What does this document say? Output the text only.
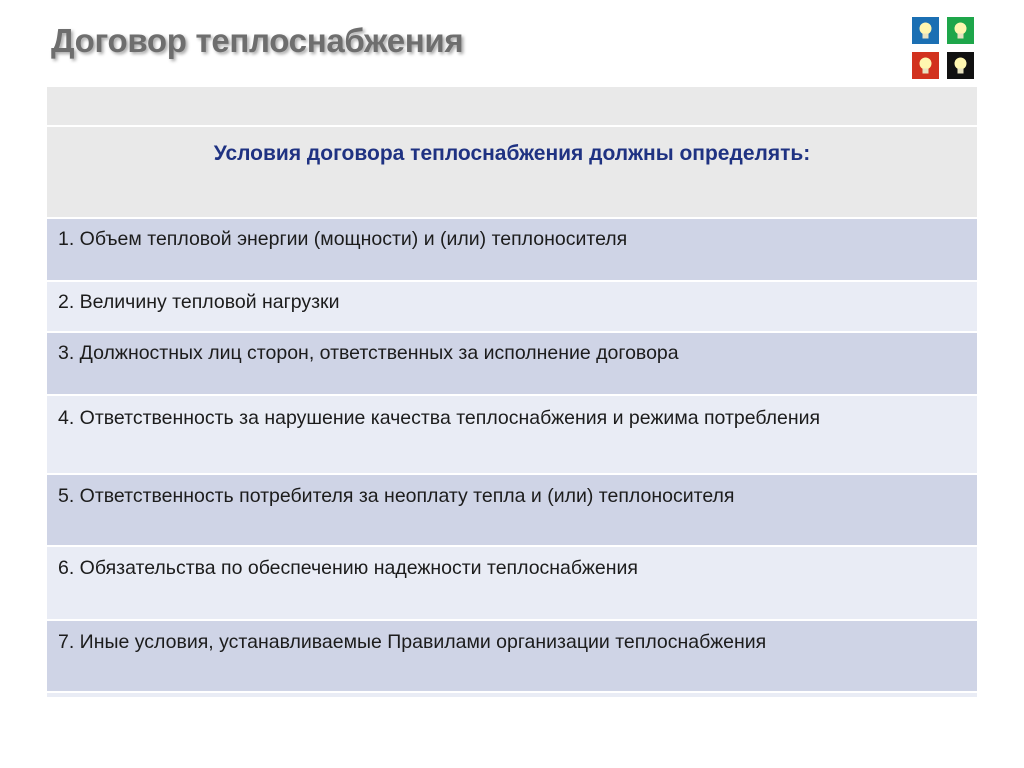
Договор теплоснабжения

Условия договора теплоснабжения должны определять:
1. Объем тепловой энергии (мощности) и (или) теплоносителя
2. Величину тепловой нагрузки
3. Должностных лиц сторон, ответственных за исполнение договора
4. Ответственность за нарушение качества теплоснабжения и режима потребления
5. Ответственность потребителя за неоплату тепла и (или) теплоносителя
6. Обязательства по обеспечению надежности теплоснабжения
7. Иные условия, устанавливаемые Правилами организации теплоснабжения
